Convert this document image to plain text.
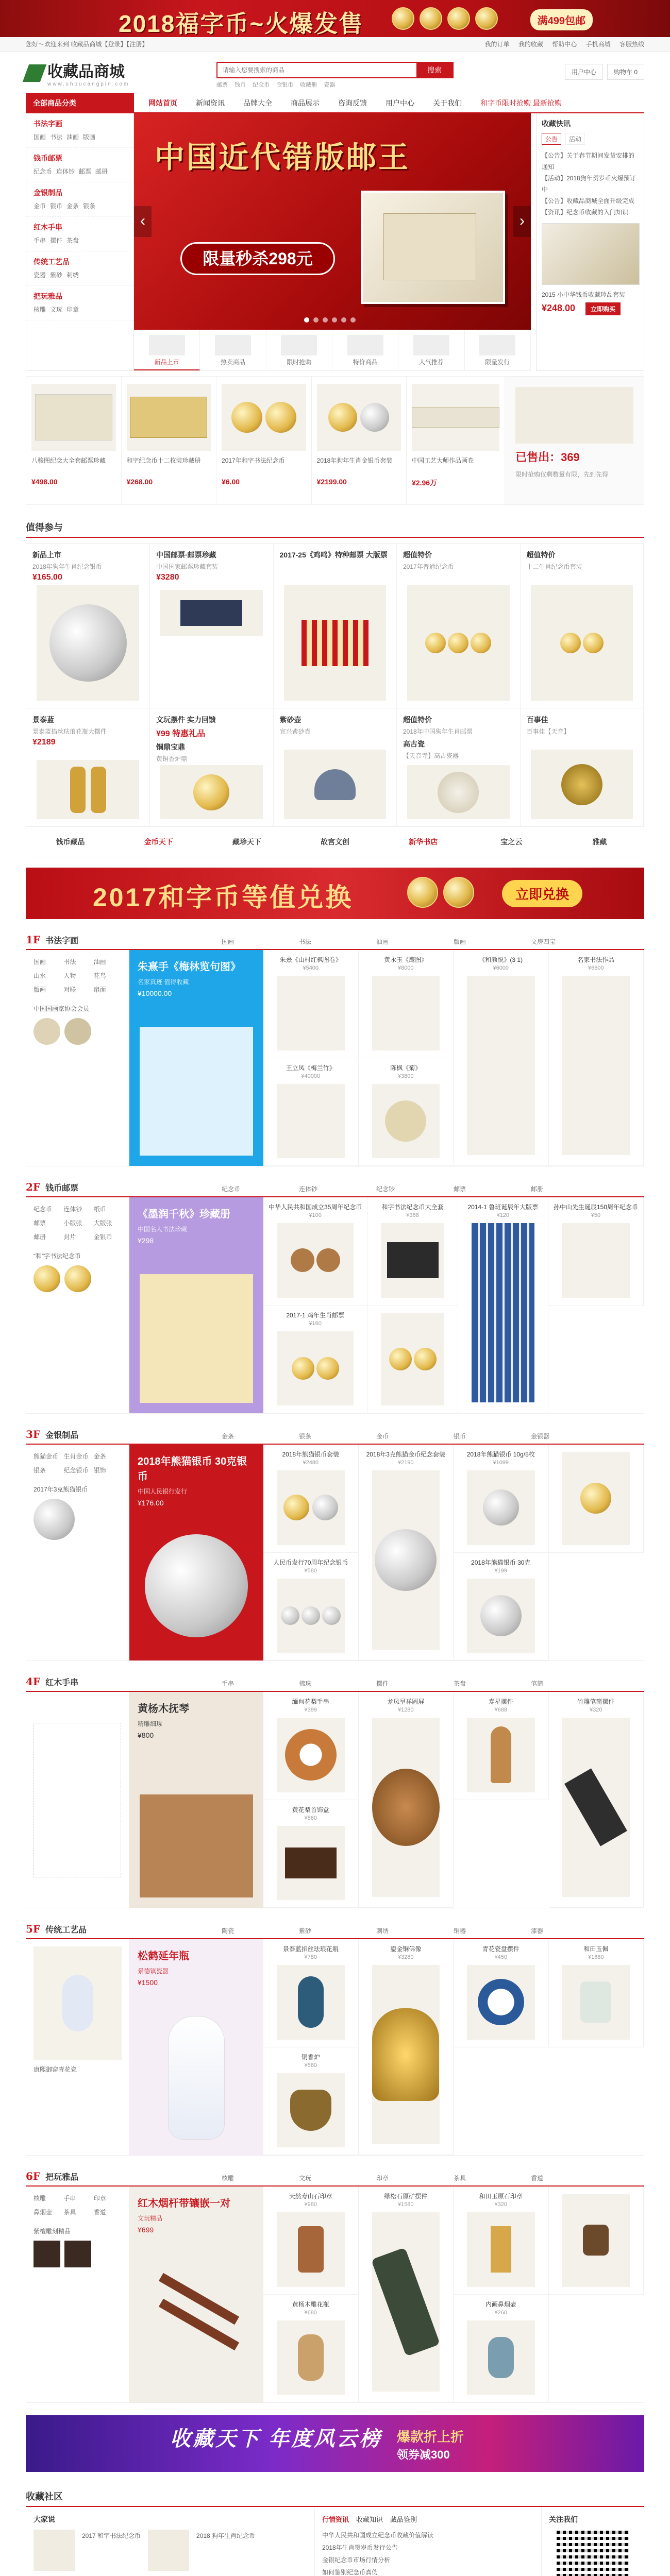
2018福字币~火爆发售	满499包邮
您好～欢迎来到 收藏品商城【登录】【注册】	我的订单 我的收藏 帮助中心 手机商城 客服热线
收藏品商城
www.shoucangpin.com
请输入您要搜索的商品
搜索
邮票 钱币 纪念币 金银币 收藏册 瓷器
用户中心	购物车 0
全部商品分类	网站首页	新闻资讯	品牌大全	商品展示	咨询反馈	用户中心	关于我们	和字币限时抢购 最新抢购
书法字画
国画 书法 油画 版画
钱币邮票
纪念币 连体钞 邮票 邮册
金银制品
金币 银币 金条 银条
红木手串
手串 摆件 茶盘
传统工艺品
瓷器 紫砂 刺绣
把玩雅品
核雕 文玩 印章
中国近代错版邮王
限量秒杀298元
‹	›
新品上市	热卖商品	限时抢购	特价商品	人气推荐	限量发行
收藏快讯
公告	活动
【公告】关于春节期间发货安排的通知
【活动】2018狗年贺岁币火爆预订中
【公告】收藏品商城全面升级完成
【资讯】纪念币收藏的入门知识
2015 小中华钱币收藏珍品套装
¥248.00	立即购买
八骏图纪念大全套邮票珍藏
¥498.00
和字纪念币十二枚装珍藏册
¥268.00
2017年和字书法纪念币
¥6.00
2018年狗年生肖金银币套装
¥2199.00
中国工艺大师作品画卷
¥2.96万
已售出：369
限时抢购仅剩数量有限，先到先得
值得参与
新品上市
2018年狗年生肖纪念银币
¥165.00
中国邮票·邮票珍藏
中国国家邮票珍藏套装
¥3280
2017-25《鸡鸣》特种邮票 大版票	超值特价
2017年普通纪念币
超值特价
十二生肖纪念币套装
景泰蓝
景泰蓝掐丝珐琅花瓶大摆件
¥2189
文玩摆件 实力回馈
¥99 特惠礼品
铜鼎宝鼎
黄铜香炉鼎
紫砂壶
宜兴紫砂壶
超值特价
2018年中国狗年生肖邮票
高古瓷
【天音寺】高古瓷器
百事佳
百事佳【天音】
钱币藏品	金币天下	藏珍天下	故宫文创	新华书店	宝之云	雅藏
2017和字币等值兑换	立即兑换
1F 书法字画	国画	书法	油画	版画	文房四宝
国画	书法	油画
山水	人物	花鸟
版画	对联	扇面
中国国画家协会会员
朱熹手《梅林览句图》
名家真迹 值得收藏
¥10000.00
朱熹《山村红枫图卷》
¥5400
黄永玉《鹰图》
¥8000
《和颜悦》(3 1)
¥6000
名家书法作品
¥6600
王立凤《梅兰竹》
¥40000
陈枫《菊》
¥3800
2F 钱币邮票	纪念币	连体钞	纪念钞	邮票	邮册
纪念币	连体钞	纸币
邮票	小版张	大版张
邮册	封片	金银币
“和”字书法纪念币
《墨润千秋》珍藏册
中国名人书法珍藏
¥298
中华人民共和国成立35周年纪念币
¥100
和字书法纪念币大全套
¥368
2014-1 鲁班诞辰年大版票
¥120
孙中山先生诞辰150周年纪念币
¥50
2017-1 鸡年生肖邮票
¥160
3F 金银制品	金条	银条	金币	银币	金银器
熊猫金币 生肖金币 金条
银条	纪念银币 银饰
2017年3克熊猫银币
2018年熊猫银币 30克银币
中国人民银行发行
¥176.00
2018年熊猫银币套装
¥2480
2018年3克熊猫金币纪念套装
¥2190
2018年熊猫银币 10g/5枚
¥1099
人民币发行70周年纪念银币
¥580
2018年熊猫银币 30克
¥199
4F 红木手串	手串	佛珠	摆件	茶盘	笔筒
黄杨木抚琴
精雕细琢
¥800
缅甸花梨手串
¥399
龙凤呈祥圆屏
¥1280
寿星摆件
¥688
竹雕笔筒摆件
¥320
黄花梨首饰盒
¥860
5F 传统工艺品	陶瓷	紫砂	刺绣	铜器	漆器
康熙御窑青花瓷
松鹤延年瓶
景德镇瓷器
¥1500
景泰蓝掐丝珐琅花瓶
¥780
鎏金铜佛像
¥3280
青花瓷盘摆件
¥450
和田玉佩
¥1680
铜香炉
¥560
6F 把玩雅品	核雕	文玩	印章	茶具	香道
核雕	手串	印章
鼻烟壶	茶具	香道
紫檀雕刻精品
红木烟杆带镶嵌一对
文玩精品
¥699
天然寿山石印章
¥980
绿松石原矿摆件
¥1580
和田玉原石印章
¥320
黄杨木雕花瓶
¥680
内画鼻烟壶
¥260
收藏天下 年度风云榜 爆款折上折
领券减300
收藏社区
大家说
2017 和字书法纪念币	2018 狗年生肖纪念币
行情资讯 收藏知识 藏品鉴别
中华人民共和国成立纪念币收藏价值解读
2018年生肖贺岁币发行公告
金银纪念币市场行情分析
如何鉴别纪念币真伪
关注我们
